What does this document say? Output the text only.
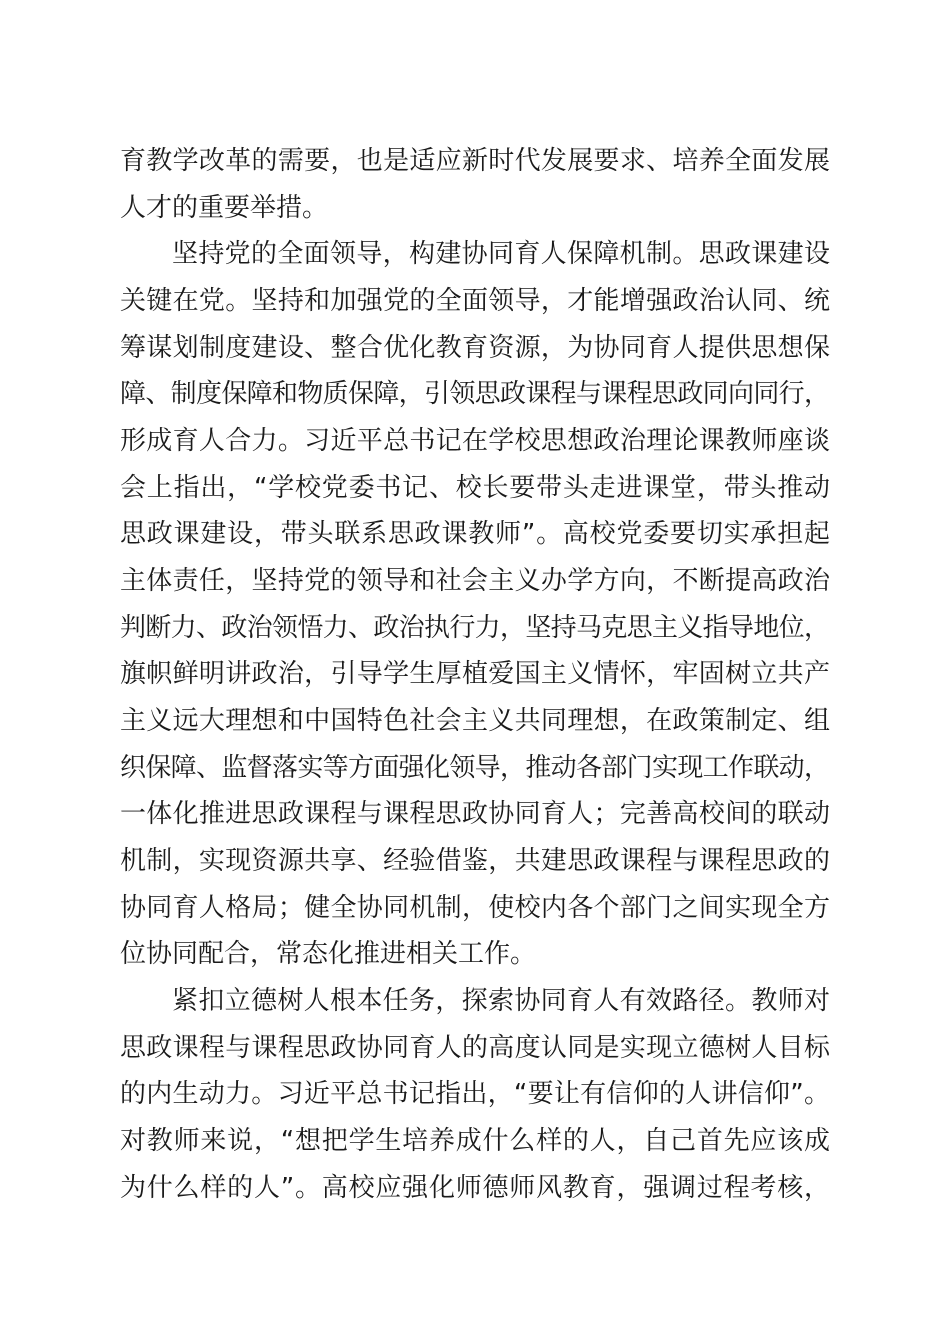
育教学改革的需要，也是适应新时代发展要求、培养全面发展
人才的重要举措。
坚持党的全面领导，构建协同育人保障机制。思政课建设
关键在党。坚持和加强党的全面领导，才能增强政治认同、统
筹谋划制度建设、整合优化教育资源，为协同育人提供思想保
障、制度保障和物质保障，引领思政课程与课程思政同向同行，
形成育人合力。习近平总书记在学校思想政治理论课教师座谈
会上指出，“学校党委书记、校长要带头走进课堂，带头推动
思政课建设，带头联系思政课教师”。高校党委要切实承担起
主体责任，坚持党的领导和社会主义办学方向，不断提高政治
判断力、政治领悟力、政治执行力，坚持马克思主义指导地位，
旗帜鲜明讲政治，引导学生厚植爱国主义情怀，牢固树立共产
主义远大理想和中国特色社会主义共同理想，在政策制定、组
织保障、监督落实等方面强化领导，推动各部门实现工作联动，
一体化推进思政课程与课程思政协同育人；完善高校间的联动
机制，实现资源共享、经验借鉴，共建思政课程与课程思政的
协同育人格局；健全协同机制，使校内各个部门之间实现全方
位协同配合，常态化推进相关工作。
紧扣立德树人根本任务，探索协同育人有效路径。教师对
思政课程与课程思政协同育人的高度认同是实现立德树人目标
的内生动力。习近平总书记指出，“要让有信仰的人讲信仰”。
对教师来说，“想把学生培养成什么样的人，自己首先应该成
为什么样的人”。高校应强化师德师风教育，强调过程考核，
